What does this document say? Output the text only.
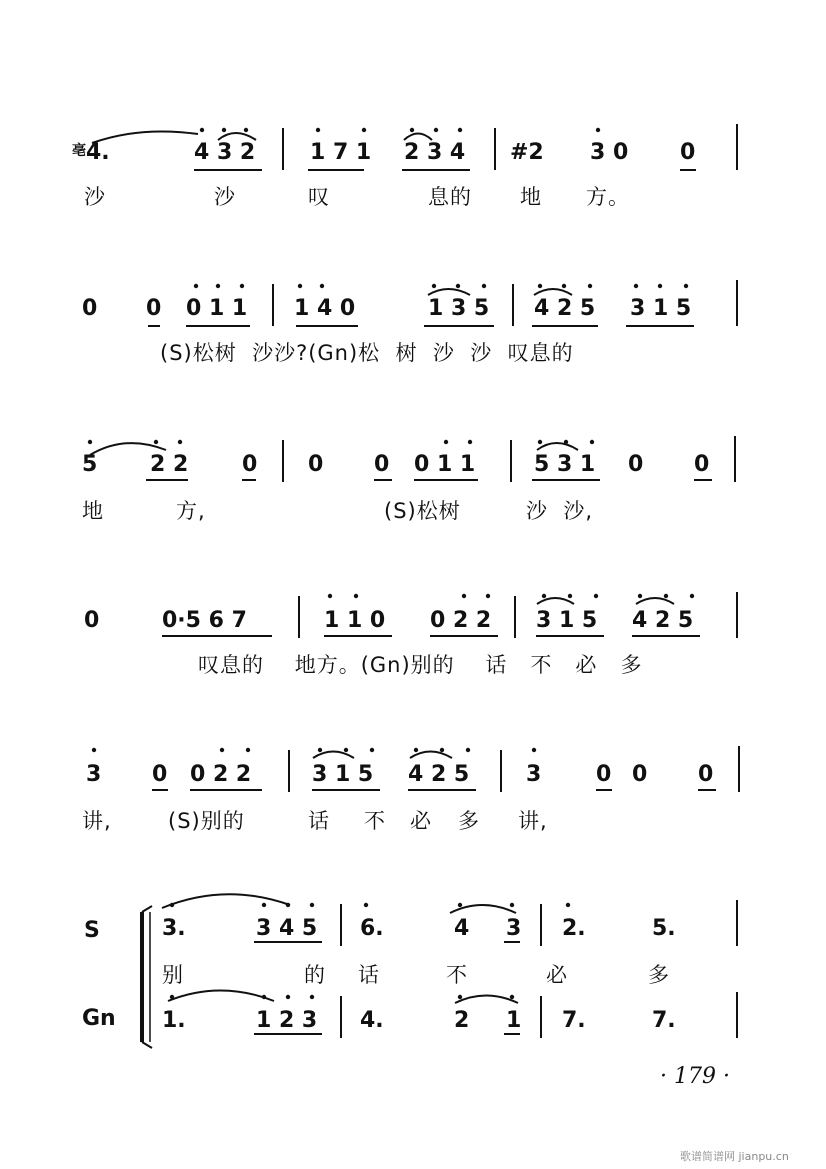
亳 4.	4 3 2 1 7 1 2 3 4 #2 3 0 0
沙	沙	叹	息的 地 方。
0 0 0 1 1 1 4 0	1 3 5 4 2 5 3 1 5
(S)松树  沙沙?(Gn)松  树  沙  沙  叹息的
5 2 2 0 0 0 0 1 1	5 3 1 0 0
地	方,	(S)松树	沙  沙,
0	0·5 6 7	1 1 0 0 2 2 3 1 5 4 2 5
叹息的    地方。(Gn)别的    话   不   必   多
3 0 0 2 2	3 1 5 4 2 5	3 0 0 0
讲,	(S)别的	话 不 必 多 讲,
S
Gn
3.	3 4 5 6.	4 3 2.	5.
别	的 话	不	必	多
1.	1 2 3 4.	2 1 7.	7.
· 179 ·
歌谱简谱网 jianpu.cn
